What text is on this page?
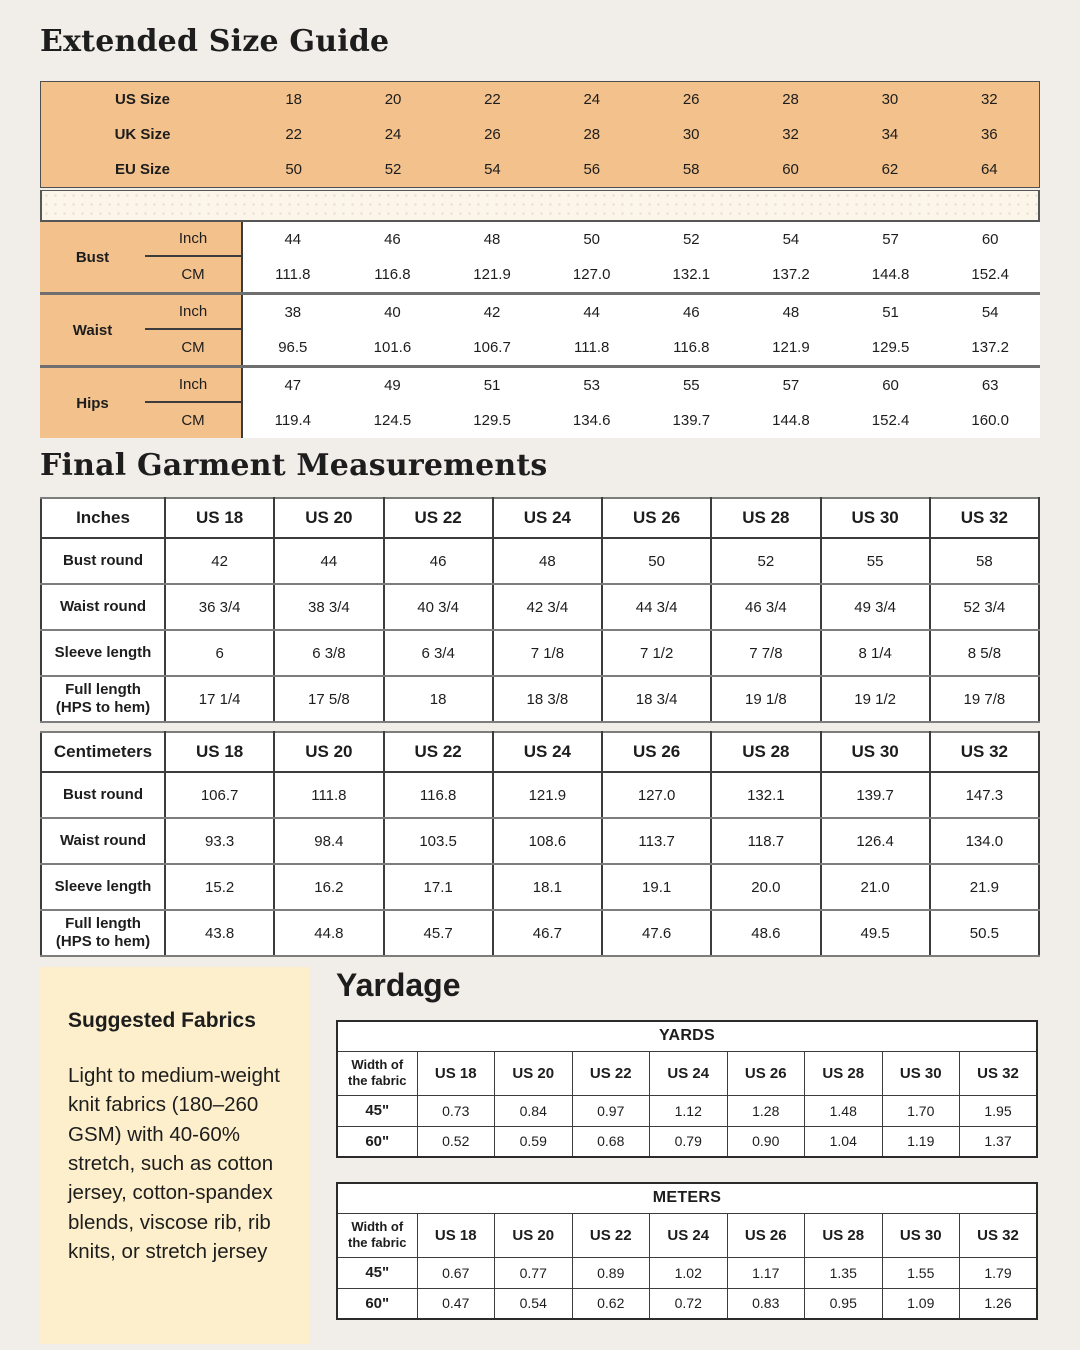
Extended Size Guide
US Size	18	20	22	24	26	28	30	32
UK Size	22	24	26	28	30	32	34	36
EU Size	50	52	54	56	58	60	62	64
Bust
Inch	44	46	48	50	52	54	57	60
CM	111.8	116.8	121.9	127.0	132.1	137.2	144.8	152.4
Waist
Inch	38	40	42	44	46	48	51	54
CM	96.5	101.6	106.7	111.8	116.8	121.9	129.5	137.2
Hips
Inch	47	49	51	53	55	57	60	63
CM	119.4	124.5	129.5	134.6	139.7	144.8	152.4	160.0
Final Garment Measurements
Inches	US 18	US 20	US 22	US 24	US 26	US 28	US 30	US 32
Bust round	42	44	46	48	50	52	55	58
Waist round	36 3/4	38 3/4	40 3/4	42 3/4	44 3/4	46 3/4	49 3/4	52 3/4
Sleeve length	6	6 3/8	6 3/4	7 1/8	7 1/2	7 7/8	8 1/4	8 5/8
Full length (HPS to hem)	17 1/4	17 5/8	18	18 3/8	18 3/4	19 1/8	19 1/2	19 7/8
Centimeters	US 18	US 20	US 22	US 24	US 26	US 28	US 30	US 32
Bust round	106.7	111.8	116.8	121.9	127.0	132.1	139.7	147.3
Waist round	93.3	98.4	103.5	108.6	113.7	118.7	126.4	134.0
Sleeve length	15.2	16.2	17.1	18.1	19.1	20.0	21.0	21.9
Full length (HPS to hem)	43.8	44.8	45.7	46.7	47.6	48.6	49.5	50.5
Suggested Fabrics

Light to medium-weight knit fabrics (180–260 GSM) with 40-60% stretch, such as cotton jersey, cotton-spandex blends, viscose rib, rib knits, or stretch jersey

Yardage
YARDS								
Width of the fabric	US 18	US 20	US 22	US 24	US 26	US 28	US 30	US 32
45"	0.73	0.84	0.97	1.12	1.28	1.48	1.70	1.95
60"	0.52	0.59	0.68	0.79	0.90	1.04	1.19	1.37
METERS								
Width of the fabric	US 18	US 20	US 22	US 24	US 26	US 28	US 30	US 32
45"	0.67	0.77	0.89	1.02	1.17	1.35	1.55	1.79
60"	0.47	0.54	0.62	0.72	0.83	0.95	1.09	1.26
